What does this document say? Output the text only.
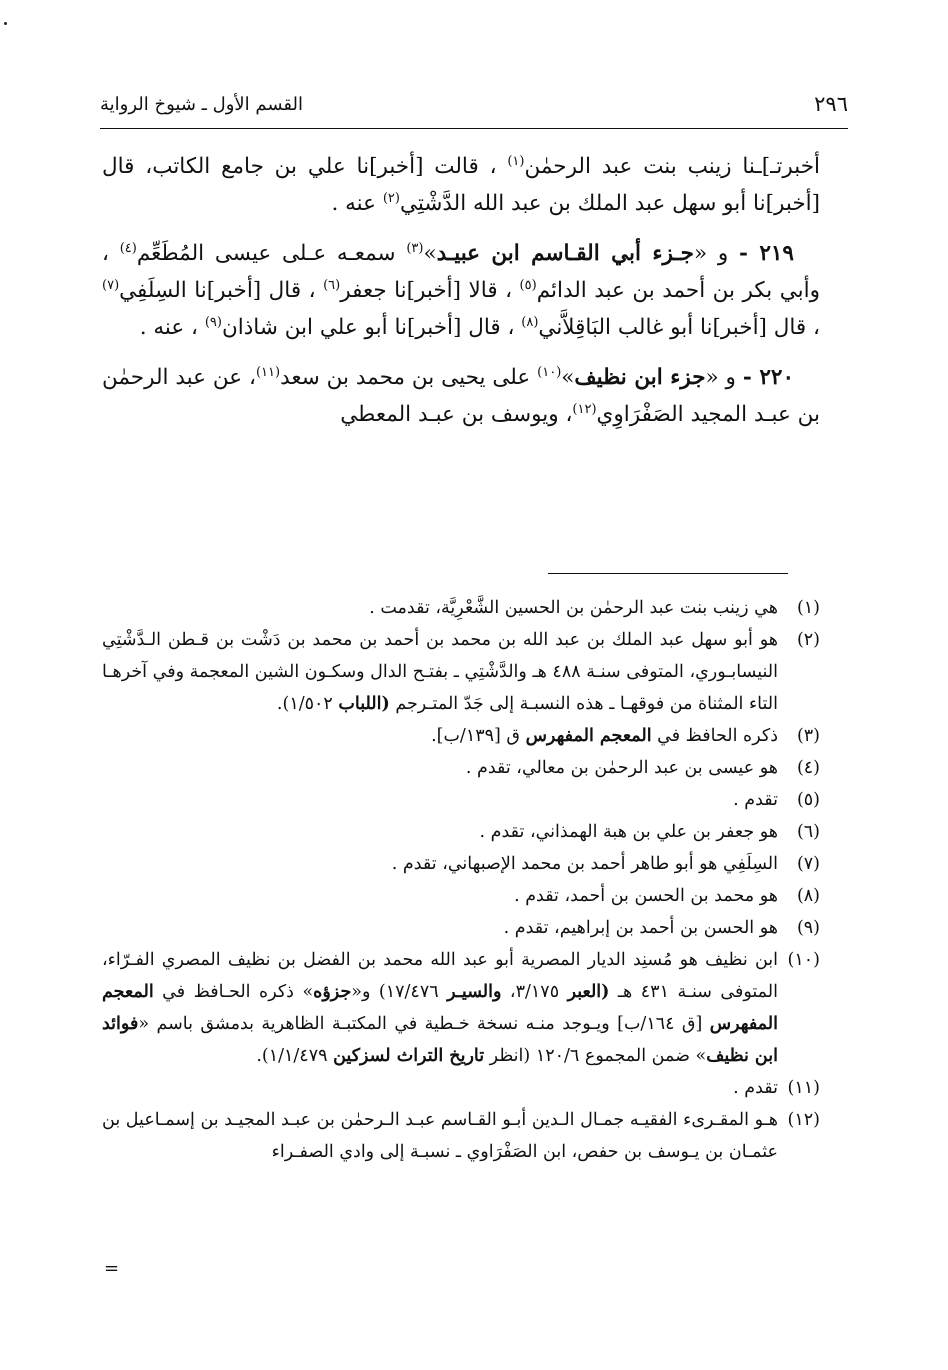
٢٩٦
القسم الأول ـ شيوخ الرواية

أخبرتـ]ـنا زينب بنت عبد الرحمٰن$^{(١)}$ ، قالت [أخبر]نا علي بن جامع الكاتب، قال [أخبر]نا أبو سهل عبد الملك بن عبد الله الدَّشْتِي$^{(٢)}$ عنه .

٢١٩ - و «جـزء أبي القـاسم ابن عبيـد»$^{(٣)}$ سمعـه عـلى عيسى المُطَعِّم$^{(٤)}$ ، وأبي بكر بن أحمد بن عبد الدائم$^{(٥)}$ ، قالا [أخبر]نا جعفر$^{(٦)}$ ، قال [أخبر]نا السِلَفِي$^{(٧)}$ ، قال [أخبر]نا أبو غالب البَاقِلاَّني$^{(٨)}$ ، قال [أخبر]نا أبو علي ابن شاذان$^{(٩)}$ ، عنه .

٢٢٠ - و «جزء ابن نظيف»$^{(١٠)}$ على يحيى بن محمد بن سعد$^{(١١)}$، عن عبد الرحمٰن بن عبـد المجيد الصَفْرَاوِي$^{(١٢)}$، ويوسف بن عبـد المعطي

(١)
هي زينب بنت عبد الرحمٰن بن الحسين الشَّعْرِيَّة، تقدمت .
(٢)
هو أبو سهل عبد الملك بن عبد الله بن محمد بن أحمد بن محمد بن دَشْت بن قـطن الـدَّشْتِي النيسابـوري، المتوفى سنـة ٤٨٨ هـ والدَّشْتِي ـ بفتـح الدال وسكـون الشين المعجمة وفي آخرهـا التاء المثناة من فوقهـا ـ هذه النسبـة إلى جَدّ المتـرجم (اللباب ١/٥٠٢).
(٣)
ذكره الحافظ في المعجم المفهرس ق [١٣٩/ب].
(٤)
هو عيسى بن عبد الرحمٰن بن معالي، تقدم .
(٥)
تقدم .
(٦)
هو جعفر بن علي بن هبة الهمذاني، تقدم .
(٧)
السِلَفِي هو أبو طاهر أحمد بن محمد الإصبهاني، تقدم .
(٨)
هو محمد بن الحسن بن أحمد، تقدم .
(٩)
هو الحسن بن أحمد بن إبراهيم، تقدم .
(١٠)
ابن نظيف هو مُسنِد الديار المصرية أبو عبد الله محمد بن الفضل بن نظيف المصري الفـرّاء، المتوفى سنـة ٤٣١ هـ (العبر ٣/١٧٥، والسيـر ١٧/٤٧٦) و«جزؤه» ذكره الحـافظ في المعجم المفهرس [ق ١٦٤/ب] ويـوجد منـه نسخة خـطية في المكتبـة الظاهرية بدمشق باسم «فوائد ابن نظيف» ضمن المجموع ١٢٠/٦ (انظر تاريخ التراث لسزكين ١/١/٤٧٩).
(١١)
تقدم .
(١٢)
هـو المقـرىء الفقيـه جمـال الـدين أبـو القـاسم عبـد الـرحمٰن بن عبـد المجيـد بن إسمـاعيل بن عثمـان بن يـوسف بن حفص، ابن الصَفْرَاوي ـ نسبـة إلى وادي الصفـراء
=
